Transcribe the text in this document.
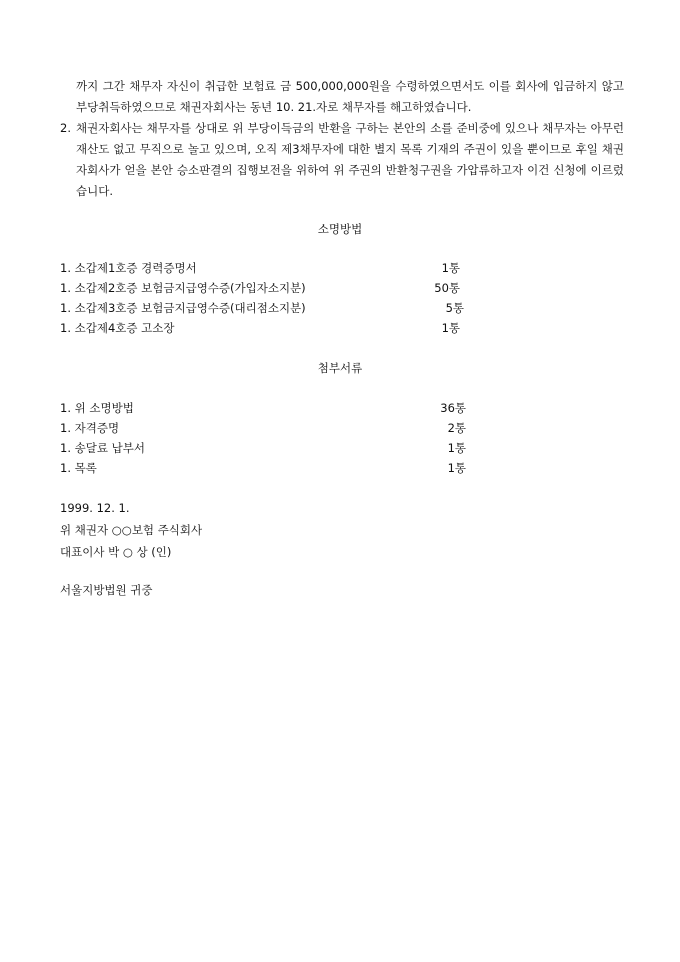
까지 그간 채무자 자신이 취급한 보험료 금 500,000,000원을 수령하였으면서도 이를 회사에 입금하지 않고 부당취득하였으므로 채권자회사는 동년 10. 21.자로 채무자를 해고하였습니다.
2. 채권자회사는 채무자를 상대로 위 부당이득금의 반환을 구하는 본안의 소를 준비중에 있으나 채무자는 아무런 재산도 없고 무직으로 놀고 있으며, 오직 제3채무자에 대한 별지 목록 기재의 주권이 있을 뿐이므로 후일 채권자회사가 얻을 본안 승소판결의 집행보전을 위하여 위 주권의 반환청구권을 가압류하고자 이건 신청에 이르렀습니다.
소명방법
1. 소갑제1호증 경력증명서	1통
1. 소갑제2호증 보험금지급영수증(가입자소지분)	50통
1. 소갑제3호증 보험금지급영수증(대리점소지분)	5통
1. 소갑제4호증 고소장	1통
첨부서류
1. 위 소명방법	36통
1. 자격증명	2통
1. 송달료 납부서	1통
1. 목록	1통
1999. 12. 1.
위 채권자 ○○보험 주식회사
대표이사 박 ○ 상 (인)
서울지방법원 귀중
